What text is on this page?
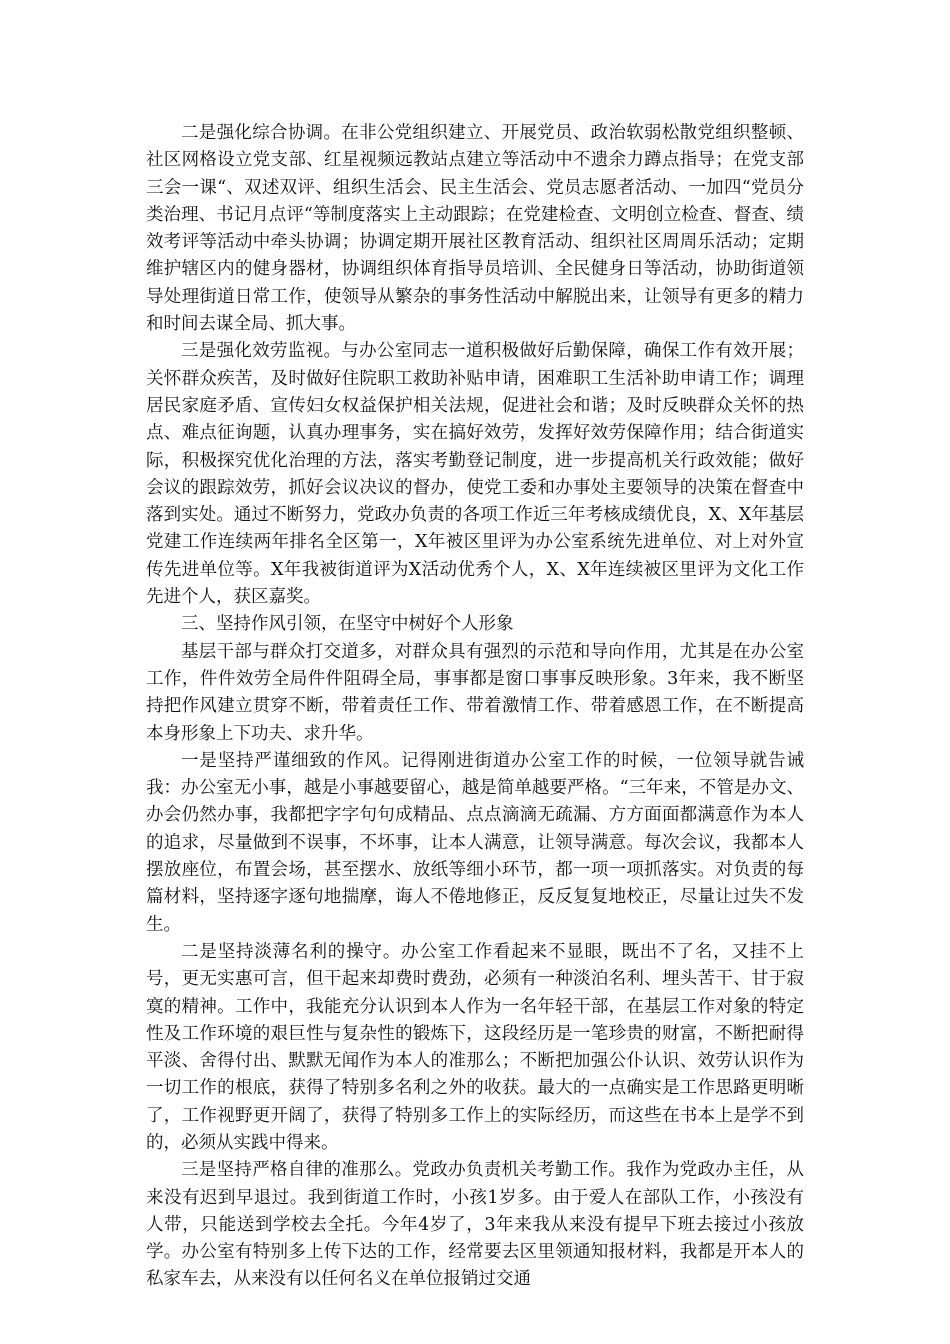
二是强化综合协调。在非公党组织建立、开展党员、政治软弱松散党组织整顿、社区网格设立党支部、红星视频远教站点建立等活动中不遗余力蹲点指导；在党支部三会一课“、双述双评、组织生活会、民主生活会、党员志愿者活动、一加四“党员分类治理、书记月点评“等制度落实上主动跟踪；在党建检查、文明创立检查、督查、绩效考评等活动中牵头协调；协调定期开展社区教育活动、组织社区周周乐活动；定期维护辖区内的健身器材，协调组织体育指导员培训、全民健身日等活动，协助街道领导处理街道日常工作，使领导从繁杂的事务性活动中解脱出来，让领导有更多的精力和时间去谋全局、抓大事。

三是强化效劳监视。与办公室同志一道积极做好后勤保障，确保工作有效开展；关怀群众疾苦，及时做好住院职工救助补贴申请，困难职工生活补助申请工作；调理居民家庭矛盾、宣传妇女权益保护相关法规，促进社会和谐；及时反映群众关怀的热点、难点征询题，认真办理事务，实在搞好效劳，发挥好效劳保障作用；结合街道实际，积极探究优化治理的方法，落实考勤登记制度，进一步提高机关行政效能；做好会议的跟踪效劳，抓好会议决议的督办，使党工委和办事处主要领导的决策在督查中落到实处。通过不断努力，党政办负责的各项工作近三年考核成绩优良，X、X年基层党建工作连续两年排名全区第一，X年被区里评为办公室系统先进单位、对上对外宣传先进单位等。X年我被街道评为X活动优秀个人，X、X年连续被区里评为文化工作先进个人，获区嘉奖。

三、坚持作风引领，在坚守中树好个人形象

基层干部与群众打交道多，对群众具有强烈的示范和导向作用，尤其是在办公室工作，件件效劳全局件件阻碍全局，事事都是窗口事事反映形象。3年来，我不断坚持把作风建立贯穿不断，带着责任工作、带着激情工作、带着感恩工作，在不断提高本身形象上下功夫、求升华。

一是坚持严谨细致的作风。记得刚进街道办公室工作的时候，一位领导就告诫我：办公室无小事，越是小事越要留心，越是简单越要严格。“三年来，不管是办文、办会仍然办事，我都把字字句句成精品、点点滴滴无疏漏、方方面面都满意作为本人的追求，尽量做到不误事，不坏事，让本人满意，让领导满意。每次会议，我都本人摆放座位，布置会场，甚至摆水、放纸等细小环节，都一项一项抓落实。对负责的每篇材料，坚持逐字逐句地揣摩，诲人不倦地修正，反反复复地校正，尽量让过失不发生。

二是坚持淡薄名利的操守。办公室工作看起来不显眼，既出不了名，又挂不上号，更无实惠可言，但干起来却费时费劲，必须有一种淡泊名利、埋头苦干、甘于寂寞的精神。工作中，我能充分认识到本人作为一名年轻干部，在基层工作对象的特定性及工作环境的艰巨性与复杂性的锻炼下，这段经历是一笔珍贵的财富，不断把耐得平淡、舍得付出、默默无闻作为本人的准那么；不断把加强公仆认识、效劳认识作为一切工作的根底，获得了特别多名利之外的收获。最大的一点确实是工作思路更明晰了，工作视野更开阔了，获得了特别多工作上的实际经历，而这些在书本上是学不到的，必须从实践中得来。

三是坚持严格自律的准那么。党政办负责机关考勤工作。我作为党政办主任，从来没有迟到早退过。我到街道工作时，小孩1岁多。由于爱人在部队工作，小孩没有人带，只能送到学校去全托。今年4岁了，3年来我从来没有提早下班去接过小孩放学。办公室有特别多上传下达的工作，经常要去区里领通知报材料，我都是开本人的私家车去，从来没有以任何名义在单位报销过交通
